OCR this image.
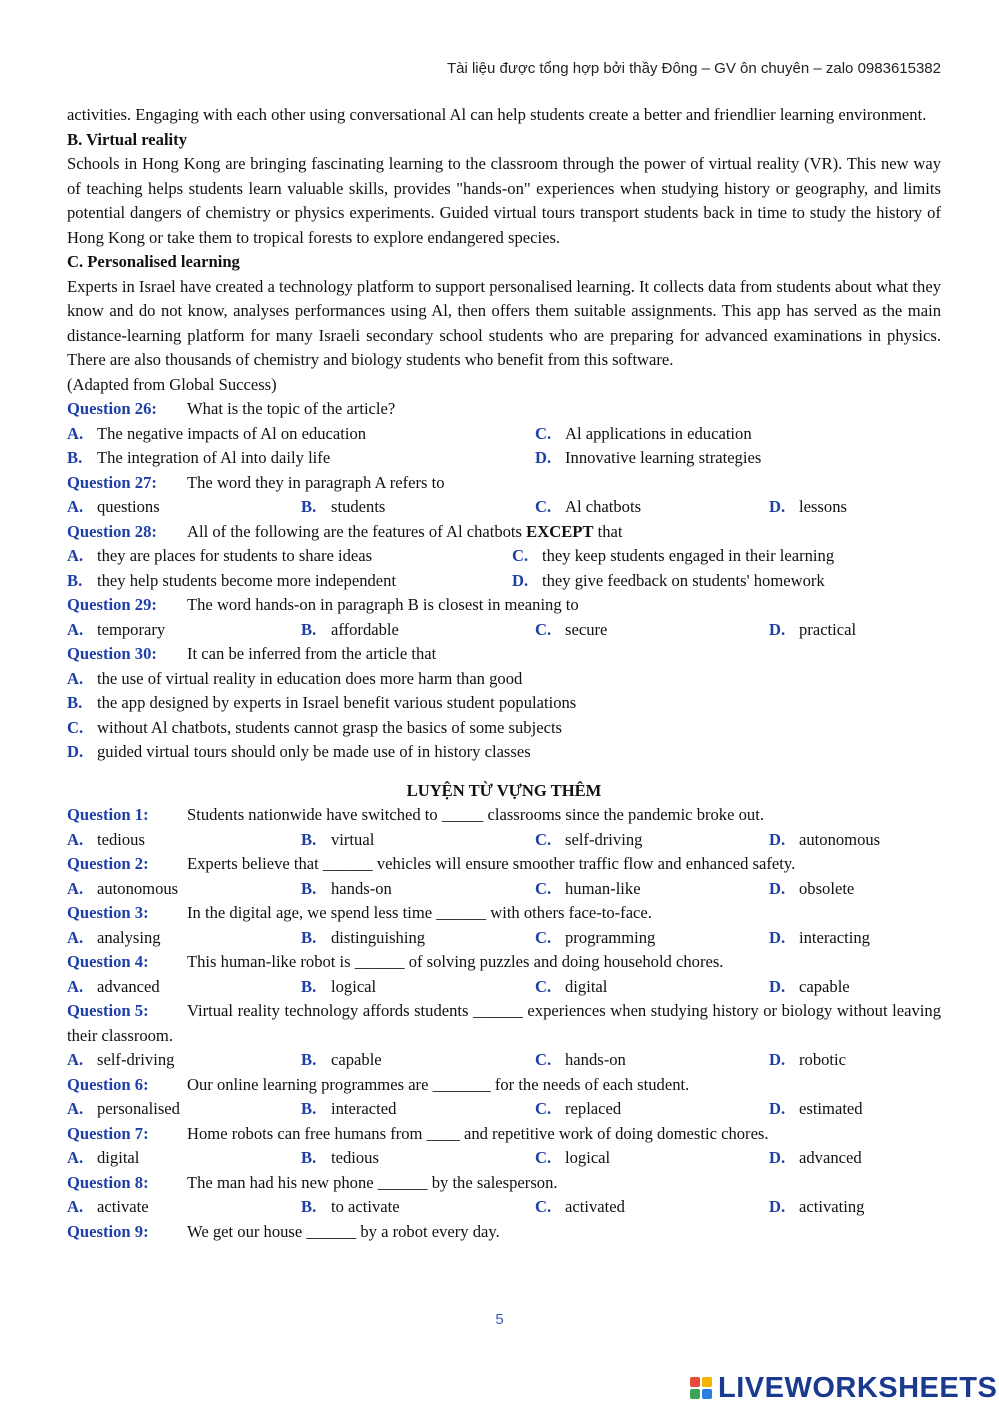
Tài liệu được tổng hợp bởi thầy Đông – GV ôn chuyên – zalo 0983615382
activities. Engaging with each other using conversational Al can help students create a better and friendlier learning environment.
B. Virtual reality
Schools in Hong Kong are bringing fascinating learning to the classroom through the power of virtual reality (VR). This new way of teaching helps students learn valuable skills, provides "hands-on" experiences when studying history or geography, and limits potential dangers of chemistry or physics experiments. Guided virtual tours transport students back in time to study the history of Hong Kong or take them to tropical forests to explore endangered species.
C. Personalised learning
Experts in Israel have created a technology platform to support personalised learning. It collects data from students about what they know and do not know, analyses performances using Al, then offers them suitable assignments. This app has served as the main distance-learning platform for many Israeli secondary school students who are preparing for advanced examinations in physics. There are also thousands of chemistry and biology students who benefit from this software.
(Adapted from Global Success)
Question 26:	What is the topic of the article?
A. The negative impacts of Al on education	C. Al applications in education
B. The integration of Al into daily life	D. Innovative learning strategies
Question 27:	The word they in paragraph A refers to
A. questions	B. students	C. Al chatbots	D. lessons
Question 28:	All of the following are the features of Al chatbots EXCEPT that
A. they are places for students to share ideas	C. they keep students engaged in their learning
B. they help students become more independent	D. they give feedback on students' homework
Question 29:	The word hands-on in paragraph B is closest in meaning to
A. temporary	B. affordable	C. secure	D. practical
Question 30:	It can be inferred from the article that
A. the use of virtual reality in education does more harm than good
B. the app designed by experts in Israel benefit various student populations
C. without Al chatbots, students cannot grasp the basics of some subjects
D. guided virtual tours should only be made use of in history classes
LUYỆN TỪ VỰNG THÊM
Question 1:	Students nationwide have switched to _____ classrooms since the pandemic broke out.
A. tedious	B. virtual	C. self-driving	D. autonomous
Question 2:	Experts believe that ______ vehicles will ensure smoother traffic flow and enhanced safety.
A. autonomous	B. hands-on	C. human-like	D. obsolete
Question 3:	In the digital age, we spend less time ______ with others face-to-face.
A. analysing	B. distinguishing	C. programming	D. interacting
Question 4:	This human-like robot is ______ of solving puzzles and doing household chores.
A. advanced	B. logical	C. digital	D. capable
Question 5: Virtual reality technology affords students ______ experiences when studying history or biology without leaving their classroom.
A. self-driving	B. capable	C. hands-on	D. robotic
Question 6:	Our online learning programmes are _______ for the needs of each student.
A. personalised	B. interacted	C. replaced	D. estimated
Question 7:	Home robots can free humans from ____ and repetitive work of doing domestic chores.
A. digital	B. tedious	C. logical	D. advanced
Question 8:	The man had his new phone ______ by the salesperson.
A. activate	B. to activate	C. activated	D. activating
Question 9:	We get our house ______ by a robot every day.
5
LIVEWORKSHEETS
